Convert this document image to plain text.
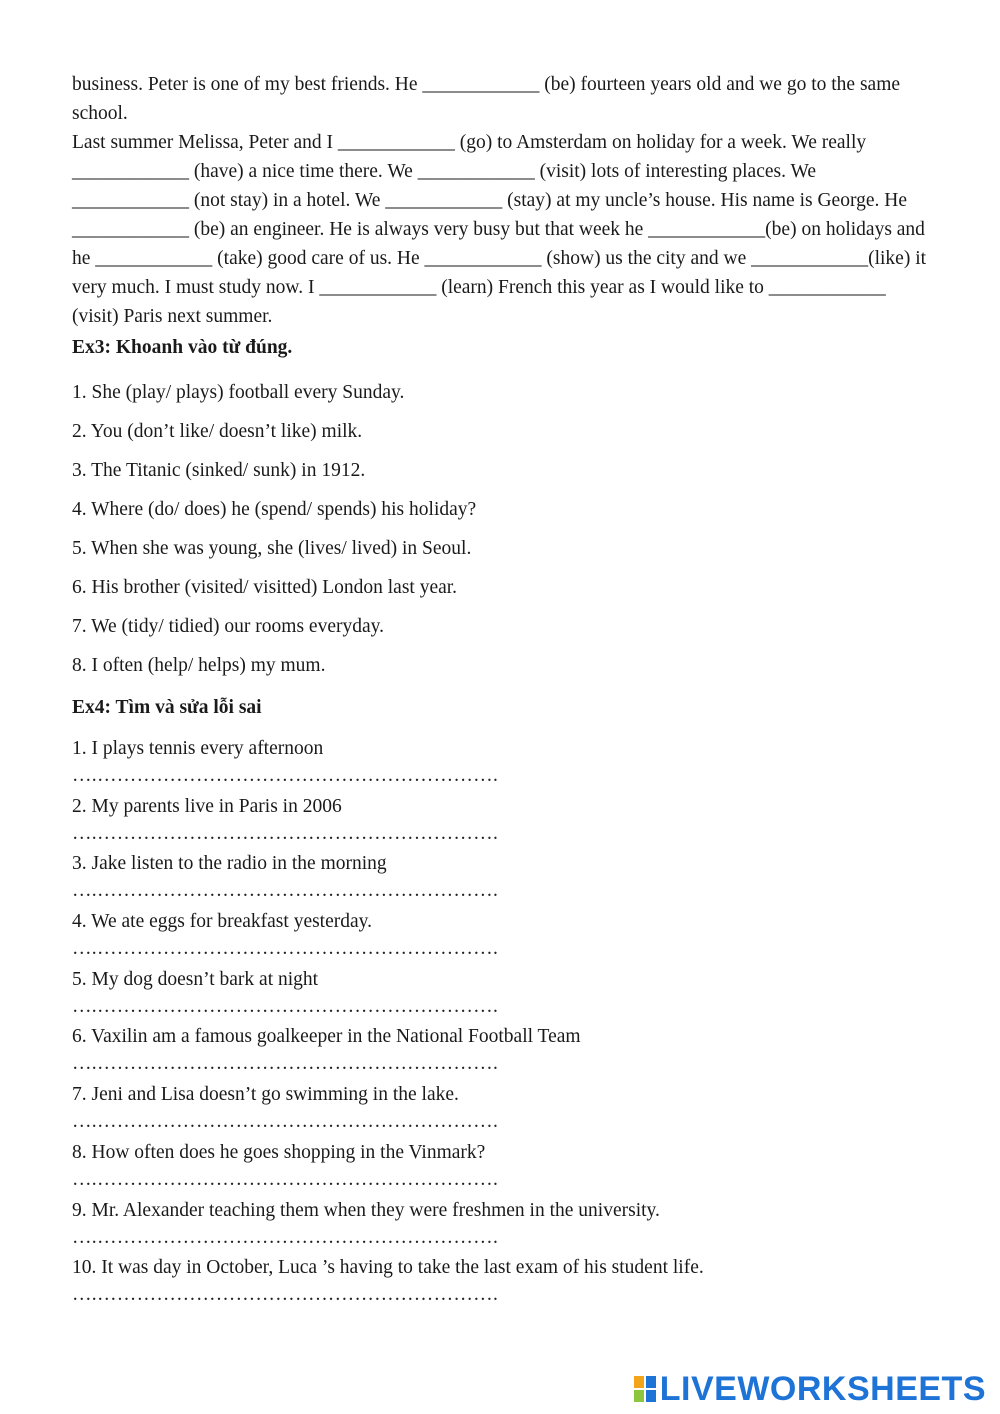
business. Peter is one of my best friends. He ____________ (be) fourteen years old and we go to the same school.

Last summer Melissa, Peter and I ____________ (go) to Amsterdam on holiday for a week. We really ____________ (have) a nice time there. We ____________ (visit) lots of interesting places. We ____________ (not stay) in a hotel. We ____________ (stay) at my uncle’s house. His name is George. He ____________ (be) an engineer. He is always very busy but that week he ____________(be) on holidays and he ____________ (take) good care of us. He ____________ (show) us the city and we ____________(like) it very much. I must study now. I ____________ (learn) French this year as I would like to ____________ (visit) Paris next summer.

Ex3: Khoanh vào từ đúng.
1. She (play/ plays) football every Sunday.
2. You (don’t like/ doesn’t like) milk.
3. The Titanic (sinked/ sunk) in 1912.
4. Where (do/ does) he (spend/ spends) his holiday?
5. When she was young, she (lives/ lived) in Seoul.
6. His brother (visited/ visitted) London last year.
7. We (tidy/ tidied) our rooms everyday.
8. I often (help/ helps) my mum.
Ex4: Tìm và sửa lỗi sai
1. I plays tennis every afternoon
….…………………………………………………….
2. My parents live in Paris in 2006
….…………………………………………………….
3. Jake listen to the radio in the morning
….…………………………………………………….
4. We ate eggs for breakfast yesterday.
….…………………………………………………….
5. My dog doesn’t bark at night
….…………………………………………………….
6. Vaxilin am a famous goalkeeper in the National Football Team
….…………………………………………………….
7. Jeni and Lisa doesn’t go swimming in the lake.
….…………………………………………………….
8. How often does he goes shopping in the Vinmark?
….…………………………………………………….
9. Mr. Alexander teaching them when they were freshmen in the university.
….…………………………………………………….
10. It was day in October, Luca ’s having to take the last exam of his student life.
….…………………………………………………….
LIVEWORKSHEETS
